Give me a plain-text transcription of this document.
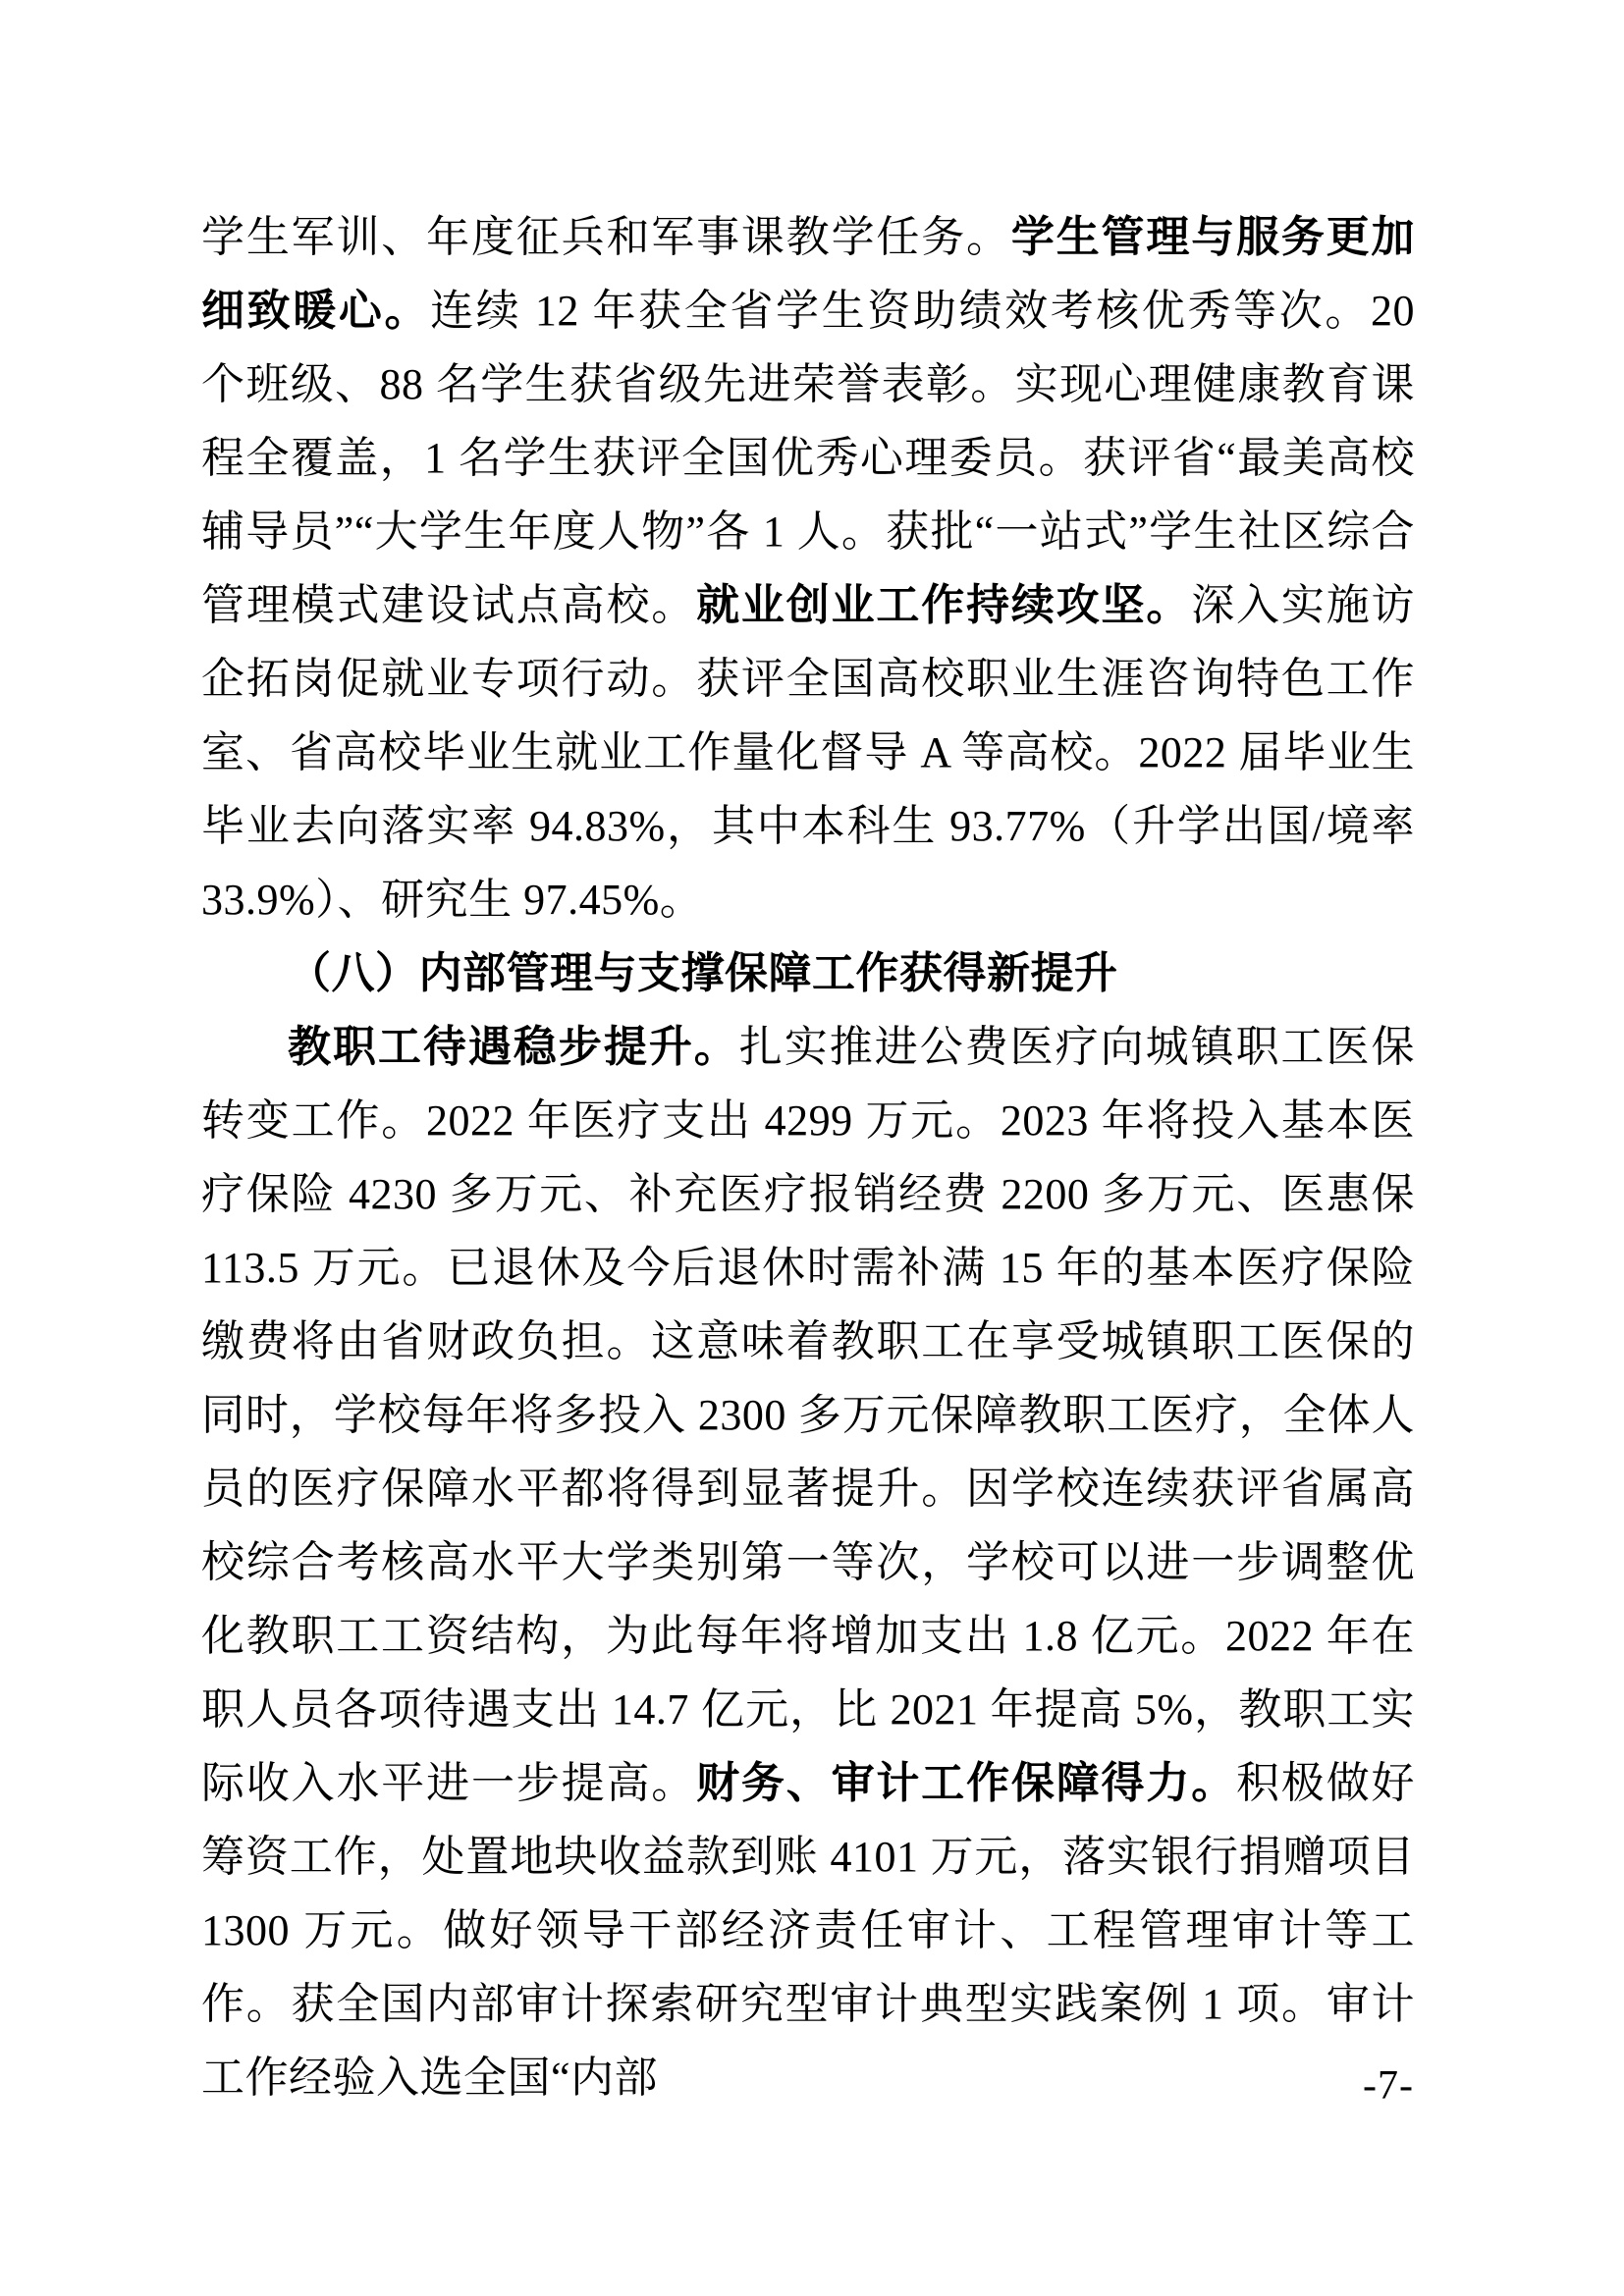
学生军训、年度征兵和军事课教学任务。学生管理与服务更加细致暖心。连续 12 年获全省学生资助绩效考核优秀等次。20 个班级、88 名学生获省级先进荣誉表彰。实现心理健康教育课程全覆盖，1 名学生获评全国优秀心理委员。获评省“最美高校辅导员”“大学生年度人物”各 1 人。获批“一站式”学生社区综合管理模式建设试点高校。就业创业工作持续攻坚。深入实施访企拓岗促就业专项行动。获评全国高校职业生涯咨询特色工作室、省高校毕业生就业工作量化督导 A 等高校。2022 届毕业生毕业去向落实率 94.83%，其中本科生 93.77%（升学出国/境率 33.9%）、研究生 97.45%。

（八）内部管理与支撑保障工作获得新提升

教职工待遇稳步提升。扎实推进公费医疗向城镇职工医保转变工作。2022 年医疗支出 4299 万元。2023 年将投入基本医疗保险 4230 多万元、补充医疗报销经费 2200 多万元、医惠保 113.5 万元。已退休及今后退休时需补满 15 年的基本医疗保险缴费将由省财政负担。这意味着教职工在享受城镇职工医保的同时，学校每年将多投入 2300 多万元保障教职工医疗，全体人员的医疗保障水平都将得到显著提升。因学校连续获评省属高校综合考核高水平大学类别第一等次，学校可以进一步调整优化教职工工资结构，为此每年将增加支出 1.8 亿元。2022 年在职人员各项待遇支出 14.7 亿元，比 2021 年提高 5%，教职工实际收入水平进一步提高。财务、审计工作保障得力。积极做好筹资工作，处置地块收益款到账 4101 万元，落实银行捐赠项目 1300 万元。做好领导干部经济责任审计、工程管理审计等工作。获全国内部审计探索研究型审计典型实践案例 1 项。审计工作经验入选全国“内部	-7-
